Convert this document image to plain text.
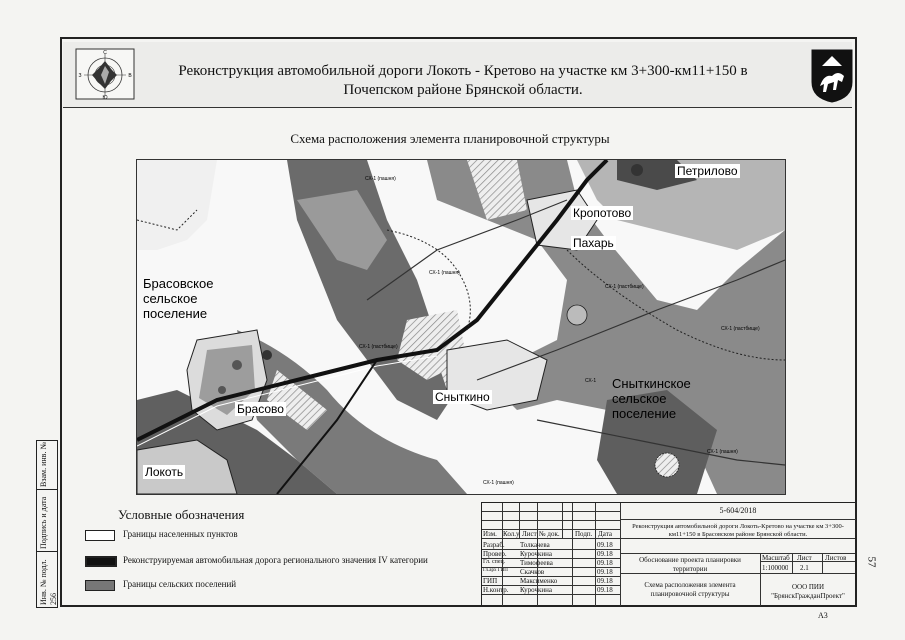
С
В
Ю
З	Реконструкция автомобильной дороги Локоть - Кретово на участке км 3+300-км11+150 в Почепском районе Брянской области.
Взам. инв. №
Подпись и дата
Инв. № подл. 256
Схема расположения элемента планировочной структуры
Брасовское
сельское
поселение
Сныткинское
сельское
поселение
Брасово
Локоть
Сныткино
Кропотово
Пахарь
Петрилово
СХ-1 (пашня)
СХ-1 (пашня)
СХ-1 (пастбище)
СХ-1 (пастбище)
СХ-1 (пастбище)
СХ-1
СХ-1 (пашня)
СХ-1 (пашня)
Условные обозначения
Границы населенных пунктов
Реконструируемая автомобильная дорога регионального значения IV категории
Границы сельских поселений
5-604/2018
Реконструкция автомобильной дороги Локоть-Кретово на участке км 3+300-км11+150 в Брасовском районе Брянской области.
Изм. Кол.у Лист № док. Подп. Дата
Разраб.	Толкачева	09.18
Провер.	Курочкина	09.18
Гл. спец.	Тимофеева	09.18
Гл.арх ГИП	Скачков	09.18
ГИП	Максименко	09.18
Н.контр.	Курочкина	09.18
Обоснование проекта планировки территории
Масштаб Лист Листов
1:100000 2.1
Схема расположения элемента планировочной структуры
ООО ПИИ "БрянскГражданПроект"
А3
57
